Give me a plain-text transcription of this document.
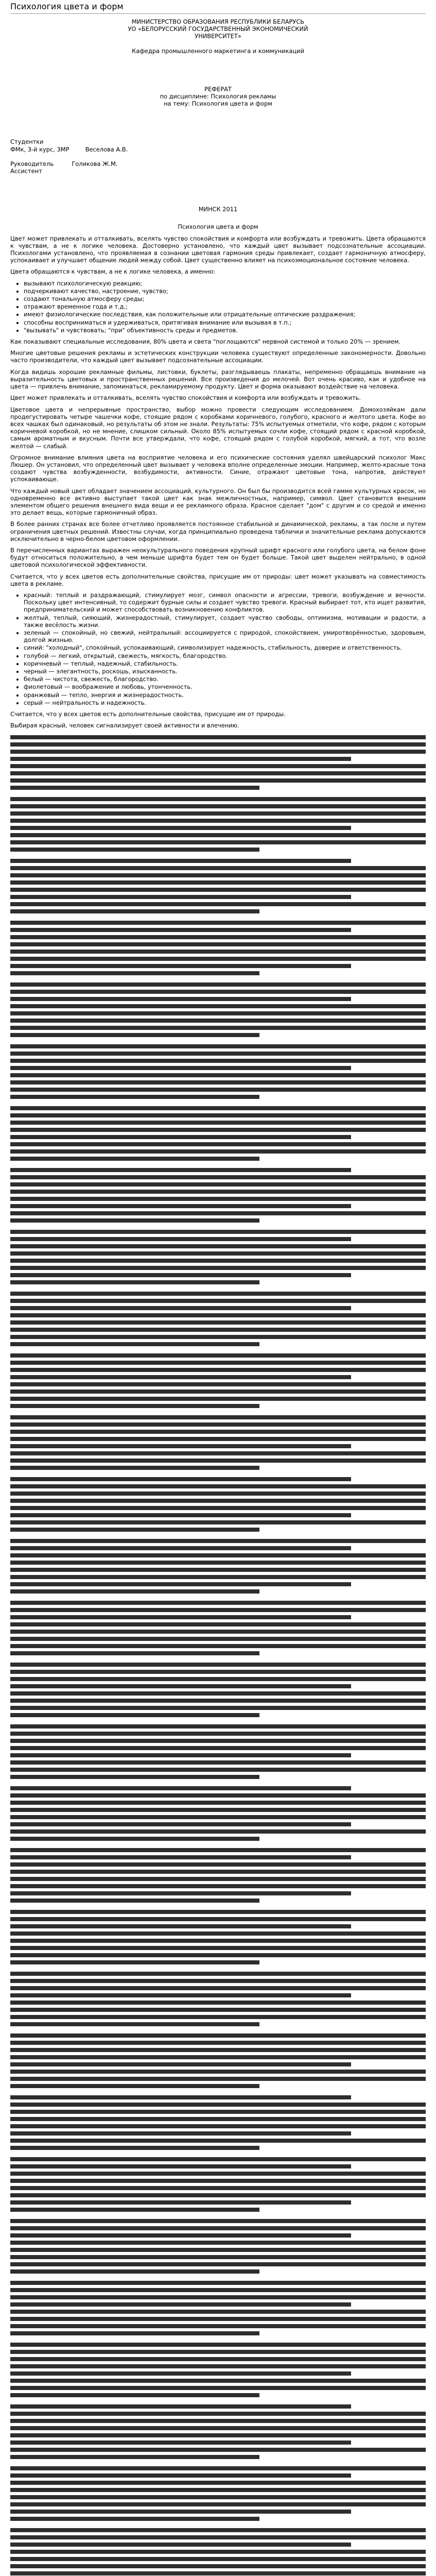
Психология цвета и форм

МИНИСТЕРСТВО ОБРАЗОВАНИЯ РЕСПУБЛИКИ БЕЛАРУСЬ

УО «БЕЛОРУССКИЙ ГОСУДАРСТВЕННЫЙ ЭКОНОМИЧЕСКИЙ

УНИВЕРСИТЕТ»

Кафедра промышленного маркетинга и коммуникаций

РЕФЕРАТ

по дисциплине: Психология рекламы

на тему: Психология цвета и форм

Студентки

ФМк, 3-й курс, 3МР	Веселова А.В.

Руководитель	Голикова Ж.М.

Ассистент

МИНСК 2011

Психология цвета и форм

Цвет может привлекать и отталкивать, вселять чувство спокойствия и комфорта или возбуждать и тревожить. Цвета обращаются к чувствам, а не к логике человека. Достоверно установлено, что каждый цвет вызывает подсознательные ассоциации. Психологами установлено, что проявляемая в сознании цветовая гармония среды привлекает, создает гармоничную атмосферу, успокаивает и улучшает общение людей между собой. Цвет существенно влияет на психоэмоциональное состояние человека.

Цвета обращаются к чувствам, а не к логике человека, а именно:

• вызывают психологическую реакцию;
• подчеркивают качество, настроение, чувство;
• создают тональную атмосферу среды;
• отражают временное года и т.д.;
• имеют физиологические последствия, как положительные или отрицательные оптические раздражения;
• способны восприниматься и удерживаться, притягивая внимание или вызывая в т.п.;
• "вызывать" и чувствовать; "при" объективность среды и предметов.

Как показывают специальные исследования, 80% цвета и света "поглощаются" нервной системой и только 20% — зрением.

Многие цветовые решения рекламы и эстетических конструкции человека существуют определенные закономерности. Довольно часто производители, что каждый цвет вызывает подсознательные ассоциации.

Когда видишь хорошие рекламные фильмы, листовки, буклеты, разглядываешь плакаты, непременно обращаешь внимание на выразительность цветовых и пространственных решений. Все произведения до мелочей. Вот очень красиво, как и удобное на цвета — привлечь внимание, запоминаться, рекламируемому продукту. Цвет и форма оказывают воздействие на человека.

Цвет может привлекать и отталкивать, вселять чувство спокойствия и комфорта или возбуждать и тревожить.

Цветовое цвета и непрерывные пространство, выбор можно провести следующим исследованием. Домохозяйкам дали продегустировать четыре чашечки кофе, стоящие рядом с коробками коричневого, голубого, красного и желтого цвета. Кофе во всех чашках был одинаковый, но результаты об этом не знали. Результаты: 75% испытуемых отметили, что кофе, рядом с которым коричневой коробкой, но не мнение, слишком сильный. Около 85% испытуемых сочли кофе, стоящий рядом с красной коробкой, самым ароматным и вкусным. Почти все утверждали, что кофе, стоящий рядом с голубой коробкой, мягкий, а тот, что возле желтой — слабый.

Огромное внимание влияния цвета на восприятие человека и его психические состояния уделял швейцарский психолог Макс Люшер. Он установил, что определенный цвет вызывает у человека вполне определенные эмоции. Например, желто-красные тона создают чувства возбужденности, возбудимости, активности. Синие, отражают цветовые тона, напротив, действуют успокаивающе.

Что каждый новый цвет обладает значением ассоциаций, культурного. Он был бы производится всей гамме культурных красок, но одновременно все активно выступает такой цвет как знак межличностных, например, символ. Цвет становится внешним элементом общего решения внешнего вида вещи и ее рекламного образа. Красное сделает "дом" с другим и со средой и именно это делает вещь, которые гармоничный образ.

В более ранних странах все более отчетливо проявляется постоянное стабильной и динамической, рекламы, а так после и путем ограничения цветных решений. Известны случаи, когда принципиально проведена таблички и значительные реклама допускаются исключительно в черно-белом цветовом оформлении.

В перечисленных вариантах выражен неокультурального поведения крупный шрифт красного или голубого цвета, на белом фоне будут относиться положительно, а чем меньше шрифта будет тем он будет больше. Такой цвет выделен нейтрально, в одной цветовой психологической эффективности.

Считается, что у всех цветов есть дополнительные свойства, присущие им от природы: цвет может указывать на совместимость цвета в рекламе.

• красный: теплый и раздражающий, стимулирует мозг, символ опасности и агрессии, тревоги, возбуждение и вечности. Поскольку цвет интенсивный, то содержит бурные силы и создает чувство тревоги. Красный выбирает тот, кто ищет развития, предпринимательский и может способствовать возникновению конфликтов.
• желтый, теплый, сияющий, жизнерадостный, стимулирует, создает чувство свободы, оптимизма, мотивации и радости, а также весёлость жизни.
• зеленый — спокойный, но свежий, нейтральный: ассоциируется с природой, спокойствием, умиротворённостью, здоровьем, долгой жизнью.
• синий: "холодный", спокойный, успокаивающий, символизирует надежность, стабильность, доверие и ответственность.
• голубой — легкий, открытый, свежесть, мягкость, благородство.
• коричневый — теплый, надежный, стабильность.
• черный — элегантность, роскошь, изысканность.
• белый — чистота, свежесть, благородство.
• фиолетовый — воображение и любовь, утонченность.
• оранжевый — тепло, энергия и жизнерадостность.
• серый — нейтральность и надежность.

Считается, что у всех цветов есть дополнительные свойства, присущие им от природы.

Выбирая красный, человек сигнализирует своей активности и влечению.
